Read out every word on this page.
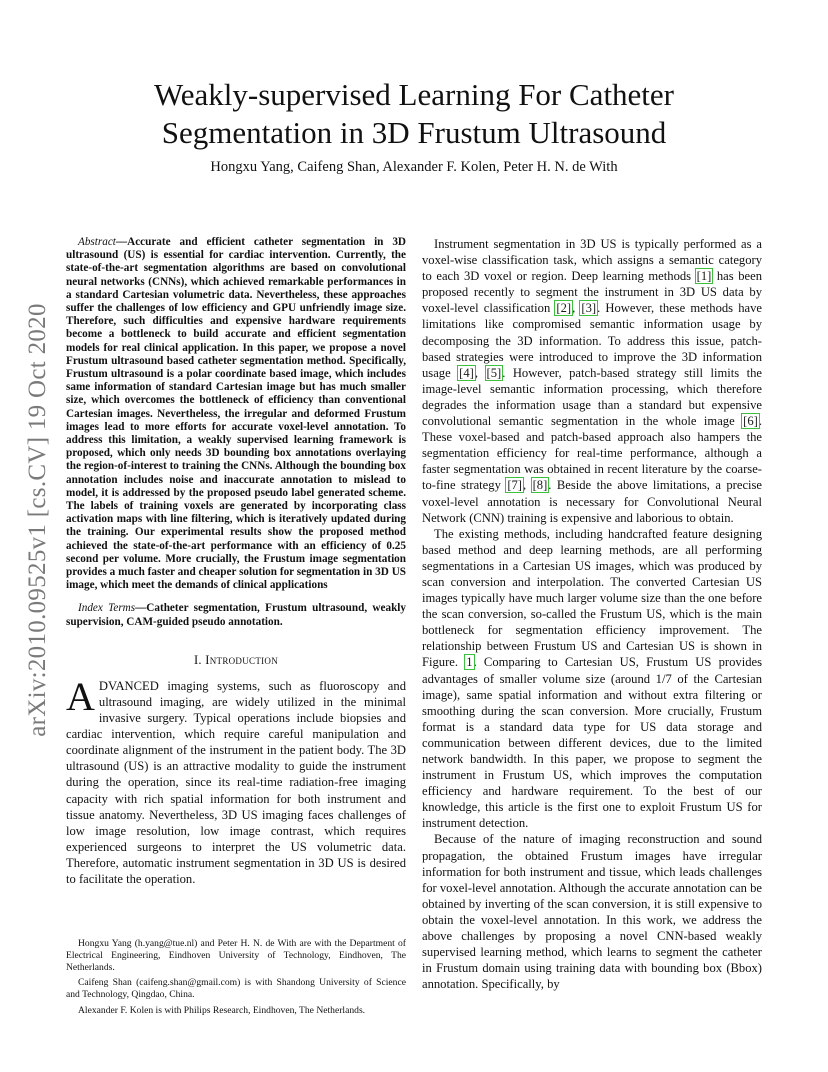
arXiv:2010.09525v1 [cs.CV] 19 Oct 2020
Weakly-supervised Learning For Catheter
Segmentation in 3D Frustum Ultrasound
Hongxu Yang, Caifeng Shan, Alexander F. Kolen, Peter H. N. de With

Abstract—Accurate and efficient catheter segmentation in 3D ultrasound (US) is essential for cardiac intervention. Currently, the state-of-the-art segmentation algorithms are based on convolutional neural networks (CNNs), which achieved remarkable performances in a standard Cartesian volumetric data. Nevertheless, these approaches suffer the challenges of low efficiency and GPU unfriendly image size. Therefore, such difficulties and expensive hardware requirements become a bottleneck to build accurate and efficient segmentation models for real clinical application. In this paper, we propose a novel Frustum ultrasound based catheter segmentation method. Specifically, Frustum ultrasound is a polar coordinate based image, which includes same information of standard Cartesian image but has much smaller size, which overcomes the bottleneck of efficiency than conventional Cartesian images. Nevertheless, the irregular and deformed Frustum images lead to more efforts for accurate voxel-level annotation. To address this limitation, a weakly supervised learning framework is proposed, which only needs 3D bounding box annotations overlaying the region-of-interest to training the CNNs. Although the bounding box annotation includes noise and inaccurate annotation to mislead to model, it is addressed by the proposed pseudo label generated scheme. The labels of training voxels are generated by incorporating class activation maps with line filtering, which is iteratively updated during the training. Our experimental results show the proposed method achieved the state-of-the-art performance with an efficiency of 0.25 second per volume. More crucially, the Frustum image segmentation provides a much faster and cheaper solution for segmentation in 3D US image, which meet the demands of clinical applications

Index Terms—Catheter segmentation, Frustum ultrasound, weakly supervision, CAM-guided pseudo annotation.

I. Introduction

ADVANCED imaging systems, such as fluoroscopy and ultrasound imaging, are widely utilized in the minimal invasive surgery. Typical operations include biopsies and cardiac intervention, which require careful manipulation and coordinate alignment of the instrument in the patient body. The 3D ultrasound (US) is an attractive modality to guide the instrument during the operation, since its real-time radiation-free imaging capacity with rich spatial information for both instrument and tissue anatomy. Nevertheless, 3D US imaging faces challenges of low image resolution, low image contrast, which requires experienced surgeons to interpret the US volumetric data. Therefore, automatic instrument segmentation in 3D US is desired to facilitate the operation.

Hongxu Yang (h.yang@tue.nl) and Peter H. N. de With are with the Department of Electrical Engineering, Eindhoven University of Technology, Eindhoven, The Netherlands.

Caifeng Shan (caifeng.shan@gmail.com) is with Shandong University of Science and Technology, Qingdao, China.

Alexander F. Kolen is with Philips Research, Eindhoven, The Netherlands.

Instrument segmentation in 3D US is typically performed as a voxel-wise classification task, which assigns a semantic category to each 3D voxel or region. Deep learning methods [1] has been proposed recently to segment the instrument in 3D US data by voxel-level classification [2], [3]. However, these methods have limitations like compromised semantic information usage by decomposing the 3D information. To address this issue, patch-based strategies were introduced to improve the 3D information usage [4], [5]. However, patch-based strategy still limits the image-level semantic information processing, which therefore degrades the information usage than a standard but expensive convolutional semantic segmentation in the whole image [6]. These voxel-based and patch-based approach also hampers the segmentation efficiency for real-time performance, although a faster segmentation was obtained in recent literature by the coarse-to-fine strategy [7], [8]. Beside the above limitations, a precise voxel-level annotation is necessary for Convolutional Neural Network (CNN) training is expensive and laborious to obtain.

The existing methods, including handcrafted feature designing based method and deep learning methods, are all performing segmentations in a Cartesian US images, which was produced by scan conversion and interpolation. The converted Cartesian US images typically have much larger volume size than the one before the scan conversion, so-called the Frustum US, which is the main bottleneck for segmentation efficiency improvement. The relationship between Frustum US and Cartesian US is shown in Figure. 1. Comparing to Cartesian US, Frustum US provides advantages of smaller volume size (around 1/7 of the Cartesian image), same spatial information and without extra filtering or smoothing during the scan conversion. More crucially, Frustum format is a standard data type for US data storage and communication between different devices, due to the limited network bandwidth. In this paper, we propose to segment the instrument in Frustum US, which improves the computation efficiency and hardware requirement. To the best of our knowledge, this article is the first one to exploit Frustum US for instrument detection.

Because of the nature of imaging reconstruction and sound propagation, the obtained Frustum images have irregular information for both instrument and tissue, which leads challenges for voxel-level annotation. Although the accurate annotation can be obtained by inverting of the scan conversion, it is still expensive to obtain the voxel-level annotation. In this work, we address the above challenges by proposing a novel CNN-based weakly supervised learning method, which learns to segment the catheter in Frustum domain using training data with bounding box (Bbox) annotation. Specifically, by
